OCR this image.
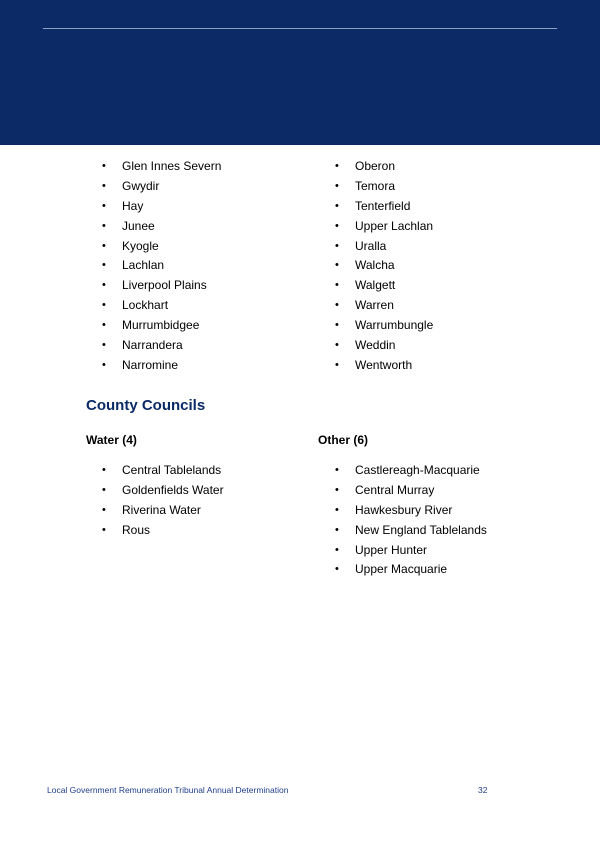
• Glen Innes Severn
• Gwydir
• Hay
• Junee
• Kyogle
• Lachlan
• Liverpool Plains
• Lockhart
• Murrumbidgee
• Narrandera
• Narromine
• Oberon
• Temora
• Tenterfield
• Upper Lachlan
• Uralla
• Walcha
• Walgett
• Warren
• Warrumbungle
• Weddin
• Wentworth
County Councils
Water (4)	Other (6)
• Central Tablelands
• Goldenfields Water
• Riverina Water
• Rous
• Castlereagh-Macquarie
• Central Murray
• Hawkesbury River
• New England Tablelands
• Upper Hunter
• Upper Macquarie
Local Government Remuneration Tribunal Annual Determination	32
